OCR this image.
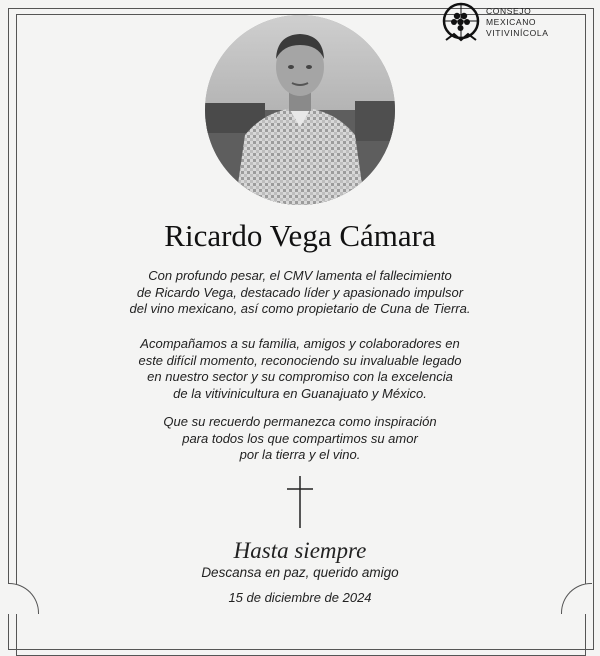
CONSEJO
MEXICANO
VITIVINÍCOLA
Ricardo Vega Cámara
Con profundo pesar, el CMV lamenta el fallecimiento
de Ricardo Vega, destacado líder y apasionado impulsor
del vino mexicano, así como propietario de Cuna de Tierra.
Acompañamos a su familia, amigos y colaboradores en
este difícil momento, reconociendo su invaluable legado
en nuestro sector y su compromiso con la excelencia
de la vitivinicultura en Guanajuato y México.
Que su recuerdo permanezca como inspiración
para todos los que compartimos su amor
por la tierra y el vino.
Hasta siempre
Descansa en paz, querido amigo
15 de diciembre de 2024
